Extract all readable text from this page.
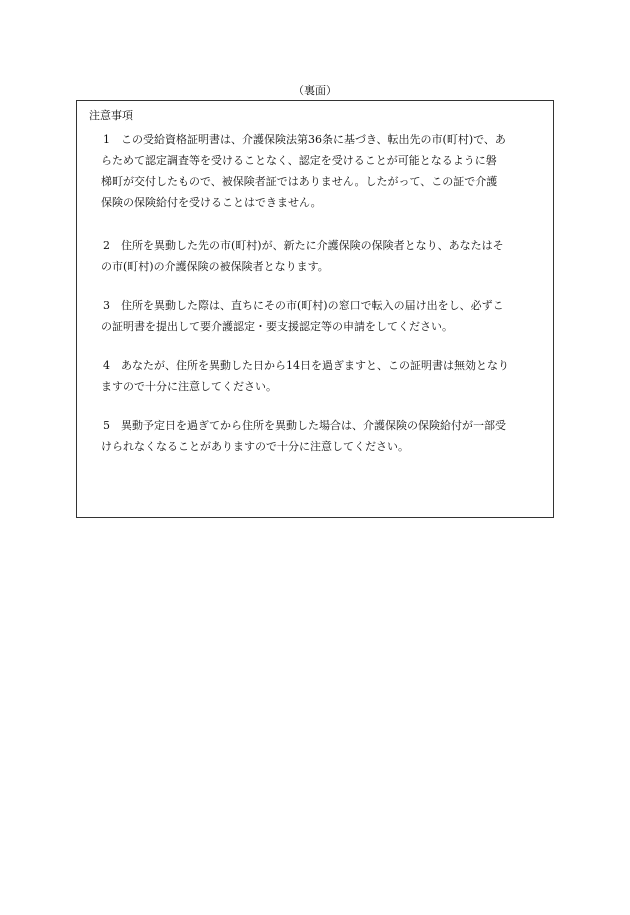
（裏面）
注意事項
1 この受給資格証明書は、介護保険法第36条に基づき、転出先の市(町村)で、あ
らためて認定調査等を受けることなく、認定を受けることが可能となるように磐
梯町が交付したもので、被保険者証ではありません。したがって、この証で介護
保険の保険給付を受けることはできません。
2 住所を異動した先の市(町村)が、新たに介護保険の保険者となり、あなたはそ
の市(町村)の介護保険の被保険者となります。
3 住所を異動した際は、直ちにその市(町村)の窓口で転入の届け出をし、必ずこ
の証明書を提出して要介護認定・要支援認定等の申請をしてください。
4 あなたが、住所を異動した日から14日を過ぎますと、この証明書は無効となり
ますので十分に注意してください。
5 異動予定日を過ぎてから住所を異動した場合は、介護保険の保険給付が一部受
けられなくなることがありますので十分に注意してください。
